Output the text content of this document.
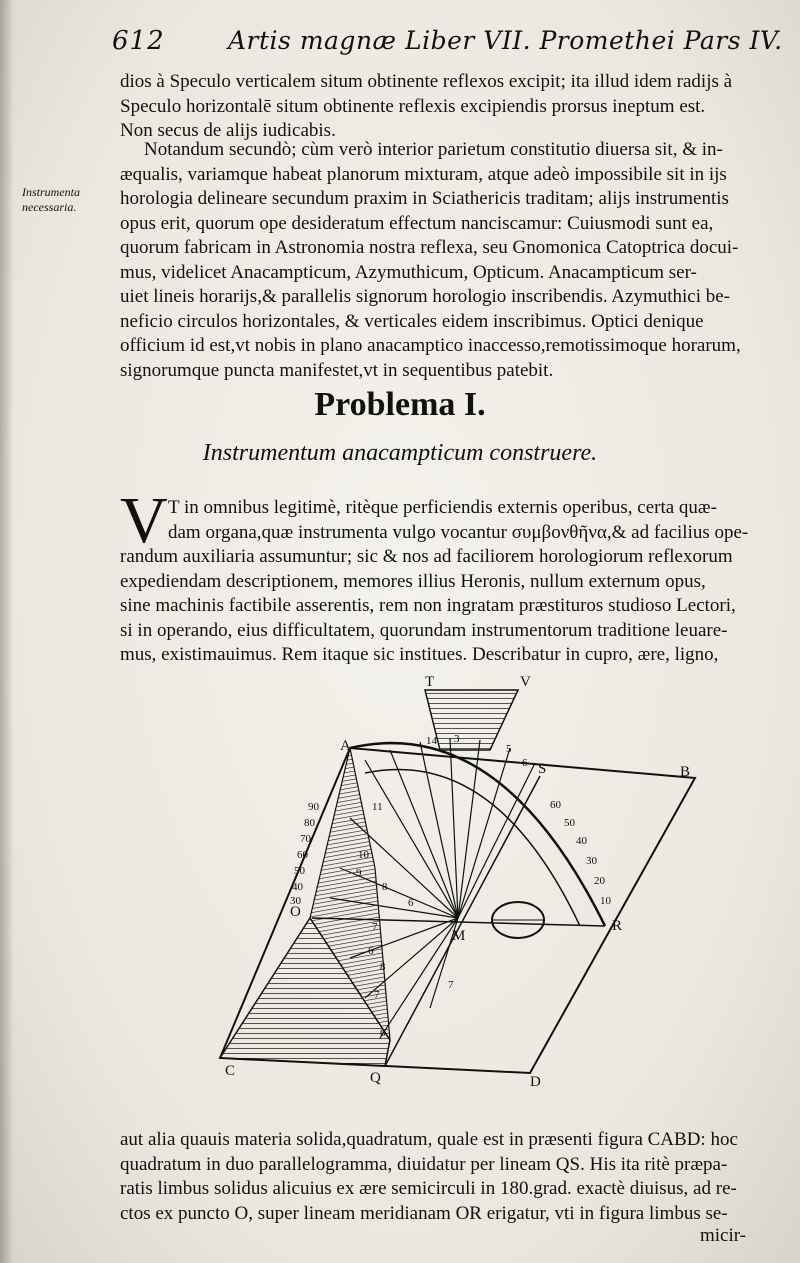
612	Artis magnæ Liber VII. Promethei Pars IV.
Instrumenta
necessaria.
dios à Speculo verticalem situm obtinente reflexos excipit; ita illud idem radijs à
Speculo horizontalē situm obtinente reflexis excipiendis prorsus ineptum est.
Non secus de alijs iudicabis.
Notandum secundò; cùm verò interior parietum constitutio diuersa sit, & in-
æqualis, variamque habeat planorum mixturam, atque adeò impossibile sit in ijs
horologia delineare secundum praxim in Sciathericis traditam; alijs instrumentis
opus erit, quorum ope desideratum effectum nanciscamur: Cuiusmodi sunt ea,
quorum fabricam in Astronomia nostra reflexa, seu Gnomonica Catoptrica docui-
mus, videlicet Anacampticum, Azymuthicum, Opticum. Anacampticum ser-
uiet lineis horarijs,& parallelis signorum horologio inscribendis. Azymuthici be-
neficio circulos horizontales, & verticales eidem inscribimus. Optici denique
officium id est,vt nobis in plano anacamptico inaccesso,remotissimoque horarum,
signorumque puncta manifestet,vt in sequentibus patebit.
Problema I.
Instrumentum anacampticum construere.
V T in omnibus legitimè, ritèque perficiendis externis operibus, certa quæ-
dam organa,quæ instrumenta vulgo vocantur συμβονθῆνα,& ad facilius ope-
randum auxiliaria assumuntur; sic & nos ad faciliorem horologiorum reflexorum
expediendam descriptionem, memores illius Heronis, nullum externum opus,
sine machinis factibile asserentis, rem non ingratam præstituros studioso Lectori,
si in operando, eius difficultatem, quorundam instrumentorum traditione leuare-
mus, existimauimus. Rem itaque sic institues. Describatur in cupro, ære, ligno,
T	V
A
S	B
M
R
O
C	Q	D
14 3
5
6
11
10
9
8
7
6
6
8
7
6
7
90
80
70
60
50
40
30
60
50
40
30
20
10
aut alia quauis materia solida,quadratum, quale est in præsenti figura CABD: hoc
quadratum in duo parallelogramma, diuidatur per lineam QS. His ita ritè præpa-
ratis limbus solidus alicuius ex ære semicirculi in 180.grad. exactè diuisus, ad re-
ctos ex puncto O, super lineam meridianam OR erigatur, vti in figura limbus se-
micir-
